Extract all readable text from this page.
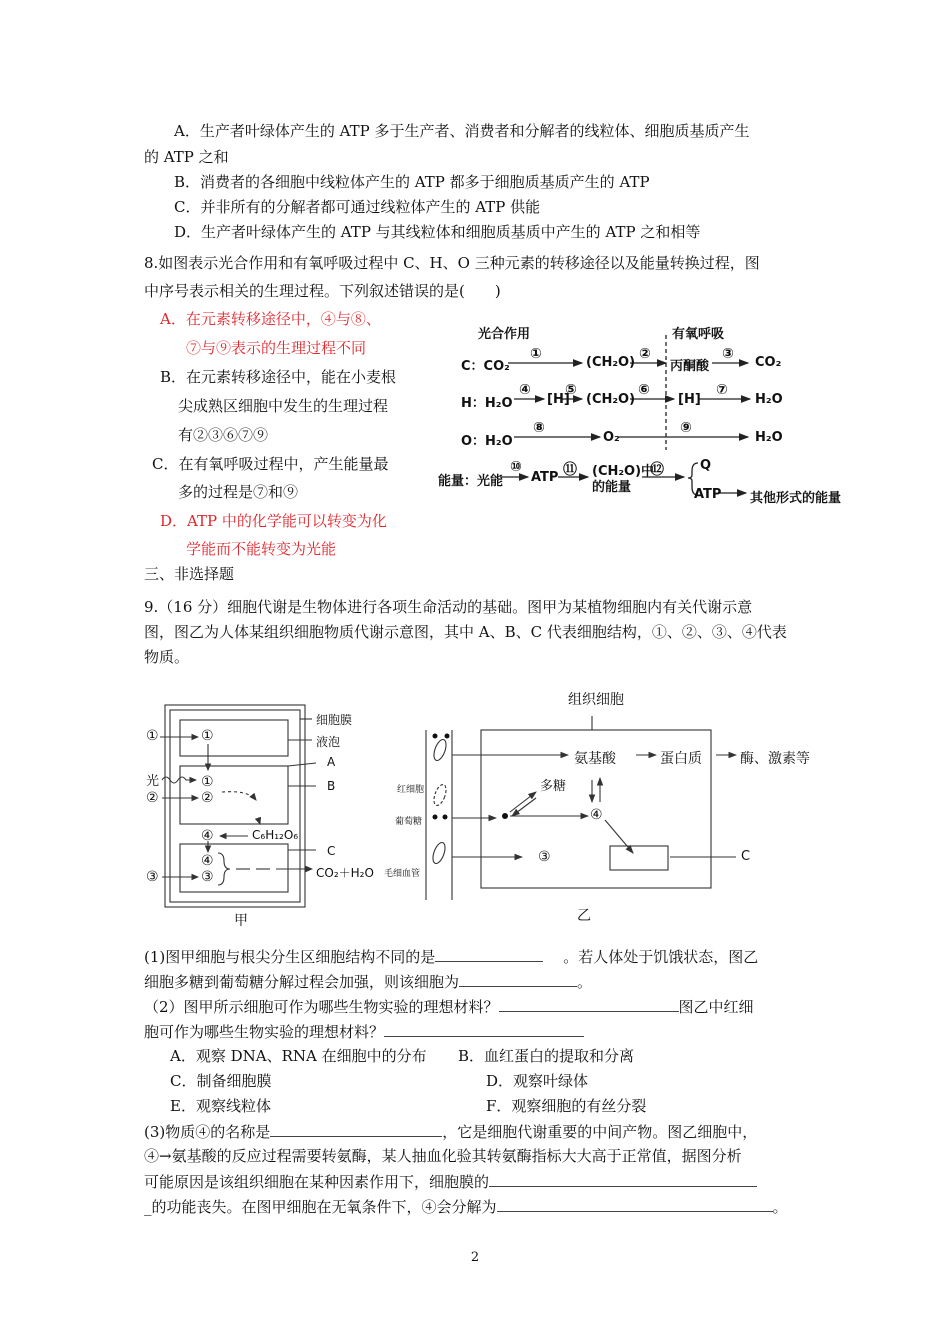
A．生产者叶绿体产生的 ATP 多于生产者、消费者和分解者的线粒体、细胞质基质产生
的 ATP 之和
B．消费者的各细胞中线粒体产生的 ATP 都多于细胞质基质产生的 ATP
C．并非所有的分解者都可通过线粒体产生的 ATP 供能
D．生产者叶绿体产生的 ATP 与其线粒体和细胞质基质中产生的 ATP 之和相等
8.如图表示光合作用和有氧呼吸过程中 C、H、O 三种元素的转移途径以及能量转换过程，图
中序号表示相关的生理过程。下列叙述错误的是(　　)
A．在元素转移途径中，④与⑧、
⑦与⑨表示的生理过程不同
B．在元素转移途径中，能在小麦根
尖成熟区细胞中发生的生理过程
有②③⑥⑦⑨
C．在有氧呼吸过程中，产生能量最
多的过程是⑦和⑨
D．ATP 中的化学能可以转变为化
学能而不能转变为光能
光合作用	有氧呼吸
C：CO₂
①
(CH₂O)
②
丙酮酸
③
CO₂
H：H₂O
④
[H]
⑤
(CH₂O)
⑥
[H]
⑦
H₂O
O：H₂O
⑧
O₂
⑨
H₂O
能量：光能
⑩
ATP ⑪ (CH₂O)中
的能量
⑫	Q
ATP 其他形式的能量
三、非选择题
9.（16 分）细胞代谢是生物体进行各项生命活动的基础。图甲为某植物细胞内有关代谢示意
图，图乙为人体某组织细胞物质代谢示意图，其中 A、B、C 代表细胞结构，①、②、③、④代表
物质。
①	①
①
光
②	②
④	C₆H₁₂O₆
④
③
③	CO₂＋H₂O
细胞膜
液泡
A
B
C
甲
组织细胞
红细胞
葡萄糖
毛细血管
氨基酸	蛋白质	酶、激素等
多糖
④
③	C
乙
(1)图甲细胞与根尖分生区细胞结构不同的是	。若人体处于饥饿状态，图乙
细胞多糖到葡萄糖分解过程会加强，则该细胞为	。
（2）图甲所示细胞可作为哪些生物实验的理想材料？	图乙中红细
胞可作为哪些生物实验的理想材料？
A．观察 DNA、RNA 在细胞中的分布 B．血红蛋白的提取和分离
C．制备细胞膜	D．观察叶绿体
E．观察线粒体	F．观察细胞的有丝分裂
(3)物质④的名称是	，它是细胞代谢重要的中间产物。图乙细胞中，
④→氨基酸的反应过程需要转氨酶，某人抽血化验其转氨酶指标大大高于正常值，据图分析
可能原因是该组织细胞在某种因素作用下，细胞膜的
_的功能丧失。在图甲细胞在无氧条件下，④会分解为	。
2
